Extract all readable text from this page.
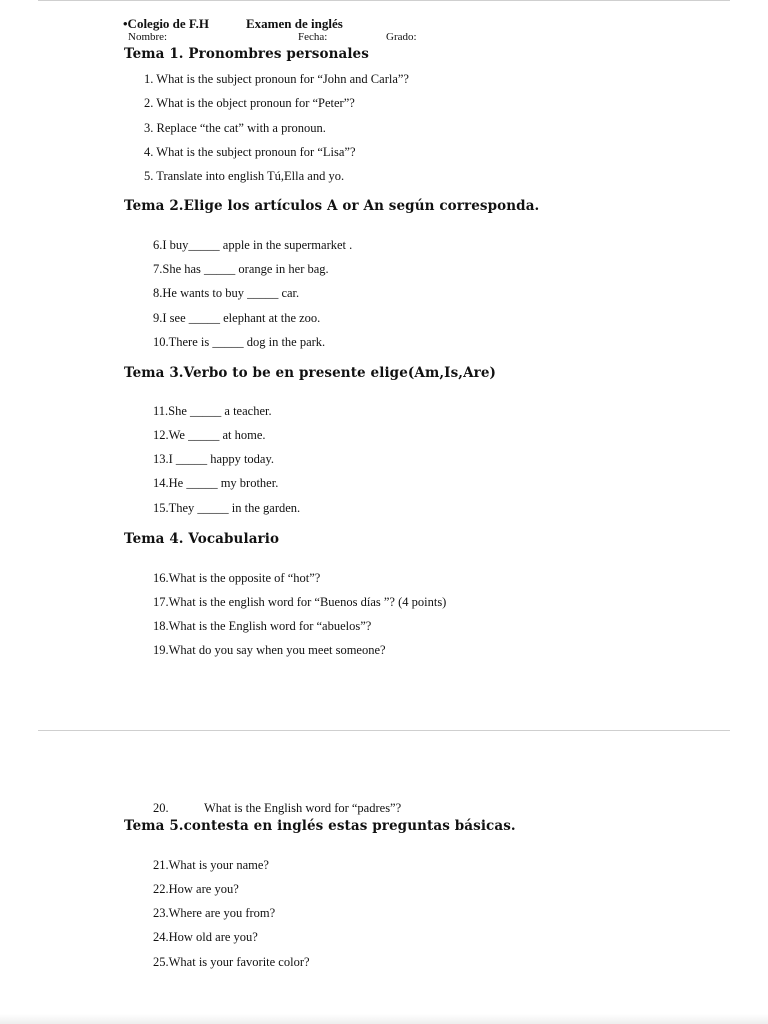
•Colegio de F.H	Examen de inglés
Nombre:	Fecha:	Grado:
Tema 1. Pronombres personales
1. What is the subject pronoun for “John and Carla”?
2. What is the object pronoun for “Peter”?
3. Replace “the cat” with a pronoun.
4. What is the subject pronoun for “Lisa”?
5. Translate into english Tú,Ella and yo.
Tema 2.Elige los artículos A or An según corresponda.
6.I buy_____ apple in the supermarket .
7.She has _____ orange in her bag.
8.He wants to buy _____ car.
9.I see _____ elephant at the zoo.
10.There is _____ dog in the park.
Tema 3.Verbo to be en presente elige(Am,Is,Are)
11.She _____ a teacher.
12.We _____ at home.
13.I _____ happy today.
14.He _____ my brother.
15.They _____ in the garden.
Tema 4. Vocabulario
16.What is the opposite of “hot”?
17.What is the english word for “Buenos días ”? (4 points)
18.What is the English word for “abuelos”?
19.What do you say when you meet someone?
20.	What is the English word for “padres”?
Tema 5.contesta en inglés estas preguntas básicas.
21.What is your name?
22.How are you?
23.Where are you from?
24.How old are you?
25.What is your favorite color?
